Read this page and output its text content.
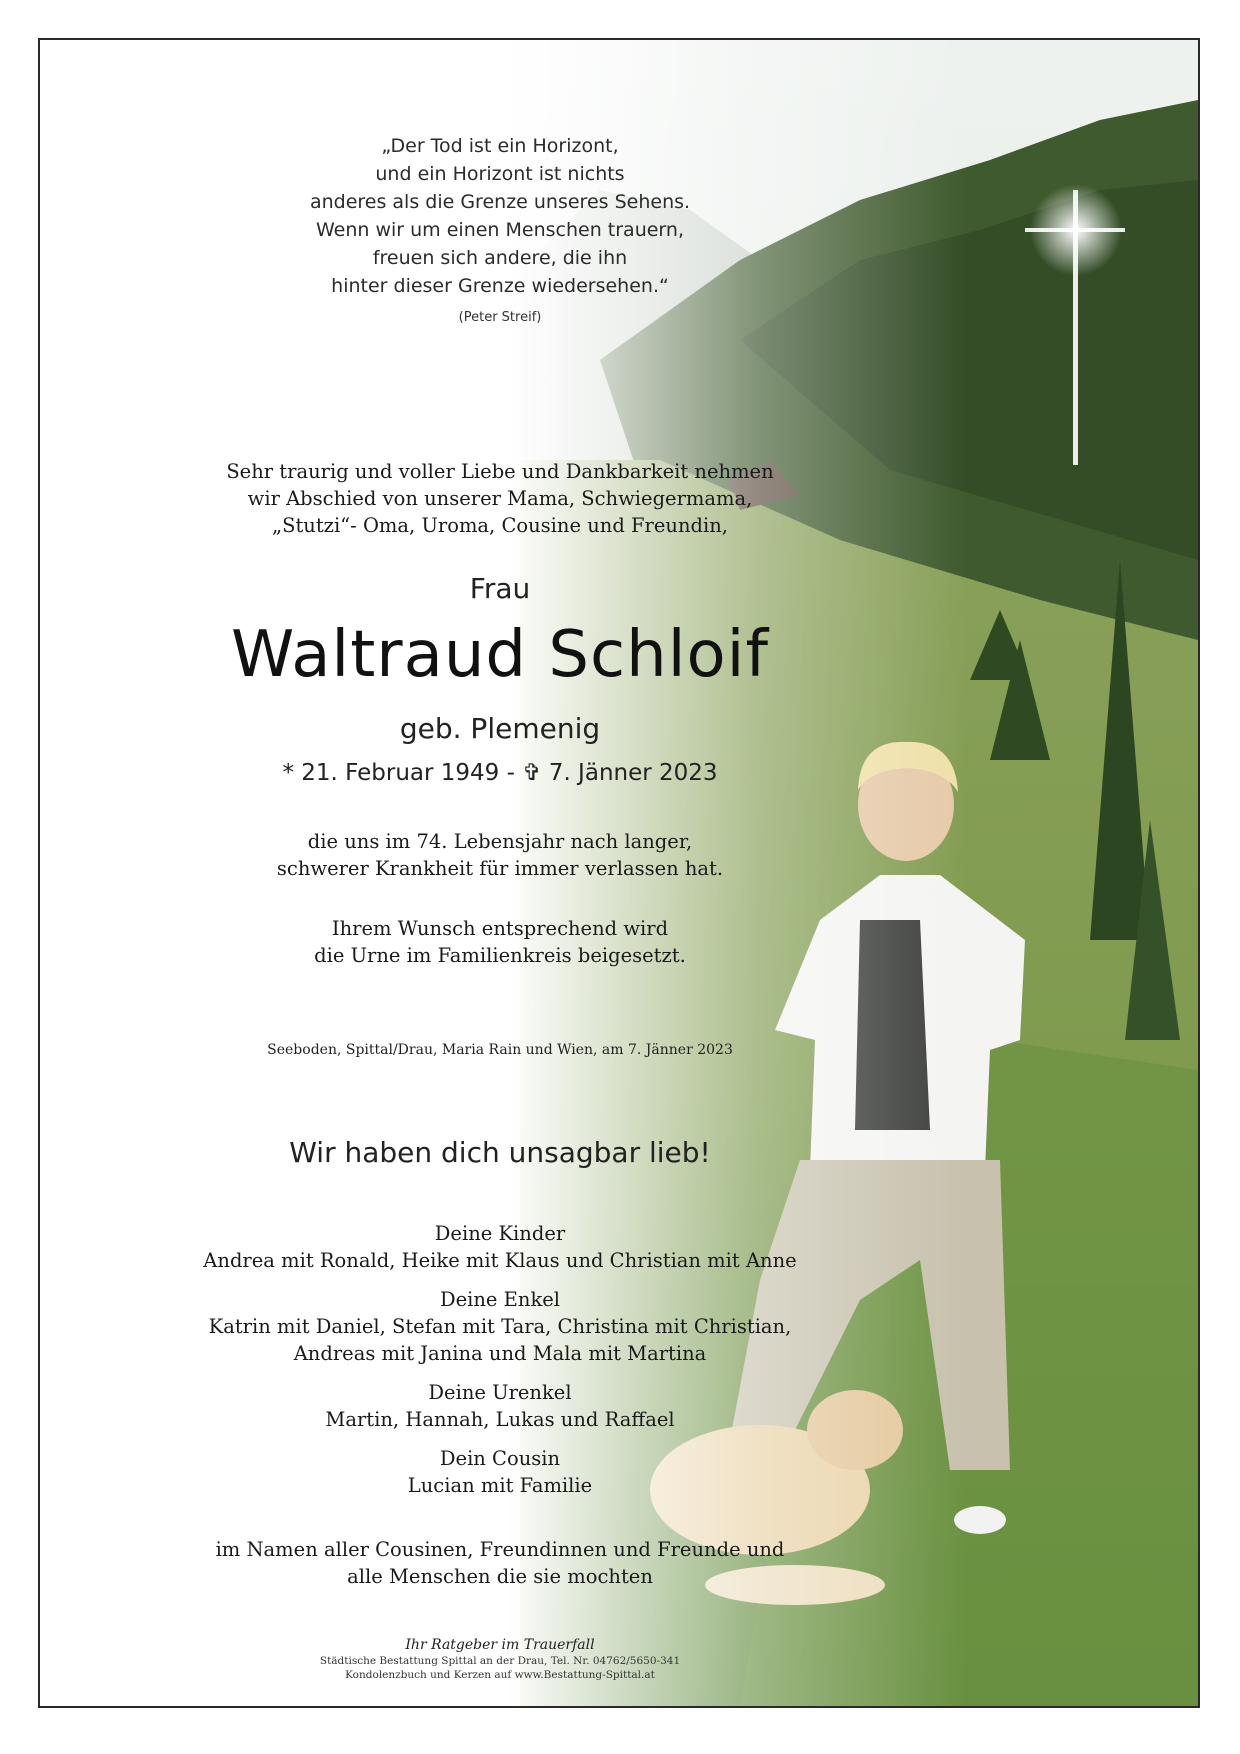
„Der Tod ist ein Horizont,
und ein Horizont ist nichts
anderes als die Grenze unseres Sehens.
Wenn wir um einen Menschen trauern,
freuen sich andere, die ihn
hinter dieser Grenze wiedersehen.“
(Peter Streif)
Sehr traurig und voller Liebe und Dankbarkeit nehmen
wir Abschied von unserer Mama, Schwiegermama,
„Stutzi“- Oma, Uroma, Cousine und Freundin,
Frau
Waltraud Schloif
geb. Plemenig
* 21. Februar 1949 - ✞ 7. Jänner 2023
die uns im 74. Lebensjahr nach langer,
schwerer Krankheit für immer verlassen hat.
Ihrem Wunsch entsprechend wird
die Urne im Familienkreis beigesetzt.
Seeboden, Spittal/Drau, Maria Rain und Wien, am 7. Jänner 2023
Wir haben dich unsagbar lieb!
Deine Kinder
Andrea mit Ronald, Heike mit Klaus und Christian mit Anne
Deine Enkel
Katrin mit Daniel, Stefan mit Tara, Christina mit Christian,
Andreas mit Janina und Mala mit Martina
Deine Urenkel
Martin, Hannah, Lukas und Raffael
Dein Cousin
Lucian mit Familie
im Namen aller Cousinen, Freundinnen und Freunde und
alle Menschen die sie mochten
Ihr Ratgeber im Trauerfall
Städtische Bestattung Spittal an der Drau, Tel. Nr. 04762/5650-341
Kondolenzbuch und Kerzen auf www.Bestattung-Spittal.at
